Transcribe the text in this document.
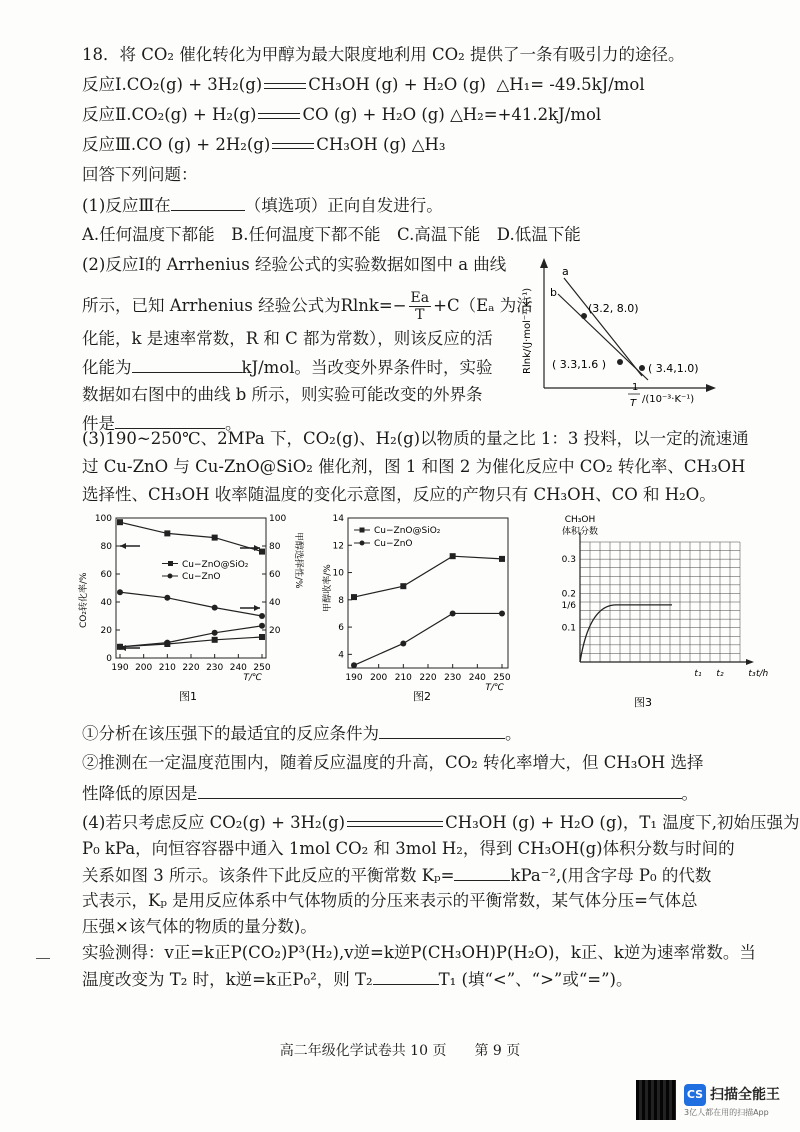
18．将 CO₂ 催化转化为甲醇为最大限度地利用 CO₂ 提供了一条有吸引力的途径。
反应Ⅰ.CO₂(g) + 3H₂(g)	CH₃OH (g) + H₂O (g) △H₁= -49.5kJ/mol
反应Ⅱ.CO₂(g) + H₂(g)	CO (g) + H₂O (g) △H₂=+41.2kJ/mol
反应Ⅲ.CO (g) + 2H₂(g)	CH₃OH (g) △H₃
回答下列问题：
(1)反应Ⅲ在	（填选项）正向自发进行。
A.任何温度下都能　B.任何温度下都不能　C.高温下能　D.低温下能
(2)反应Ⅰ的 Arrhenius 经验公式的实验数据如图中 a 曲线
所示，已知 Arrhenius 经验公式为$Rlnk=- \frac{Ea}{T} +C(E_a$ 为活
化能，k 是速率常数，R 和 C 都为常数），则该反应的活
化能为	kJ/mol。当改变外界条件时，实验
数据如右图中的曲线 b 所示，则实验可能改变的外界条
件是	。
Rlnk/(J·mol⁻¹·K⁻¹)
a
b
(3.2, 8.0)
( 3.3,1.6 )	( 3.4,1.0)
1
T /(10⁻³·K⁻¹)
(3)190~250℃、2MPa 下，CO₂(g)、H₂(g)以物质的量之比 1：3 投料，以一定的流速通
过 Cu-ZnO 与 Cu-ZnO@SiO₂ 催化剂，图 1 和图 2 为催化反应中 CO₂ 转化率、CH₃OH
选择性、CH₃OH 收率随温度的变化示意图，反应的产物只有 CH₃OH、CO 和 H₂O。
0
20
40
60
80
100
20
40
60
80
100
190 200 210 220 230 240 250
T/℃
CO₂转化率/%
甲醇选择性/%
Cu−ZnO@SiO₂
Cu−ZnO
图1
4
6
8
10
12
14
190 200 210 220 230 240 250
T/℃
甲醇收率/%
Cu−ZnO@SiO₂
Cu−ZnO
图2
CH₃OH
体积分数
0.1
1/6
0.2
0.3
t₁ t₂	t₃ t/h
图3
①分析在该压强下的最适宜的反应条件为	。
②推测在一定温度范围内，随着反应温度的升高，CO₂ 转化率增大，但 CH₃OH 选择
性降低的原因是	。
(4)若只考虑反应 CO₂(g) + 3H₂(g)	CH₃OH (g) + H₂O (g)，T₁ 温度下,初始压强为
P₀ kPa，向恒容容器中通入 1mol CO₂ 和 3mol H₂，得到 CH₃OH(g)体积分数与时间的
关系如图 3 所示。该条件下此反应的平衡常数 Kₚ=	kPa⁻²,(用含字母 P₀ 的代数
式表示，Kₚ 是用反应体系中气体物质的分压来表示的平衡常数，某气体分压=气体总
压强×该气体的物质的量分数)。
实验测得：v正=k正P(CO₂)P³(H₂),v逆=k逆P(CH₃OH)P(H₂O)，k正、k逆为速率常数。当
温度改变为 T₂ 时，k逆=k正P₀²，则 T₂	T₁ (填“<”、“>”或“=”)。
高二年级化学试卷共 10 页　　第 9 页
CS 扫描全能王
3亿人都在用的扫描App
